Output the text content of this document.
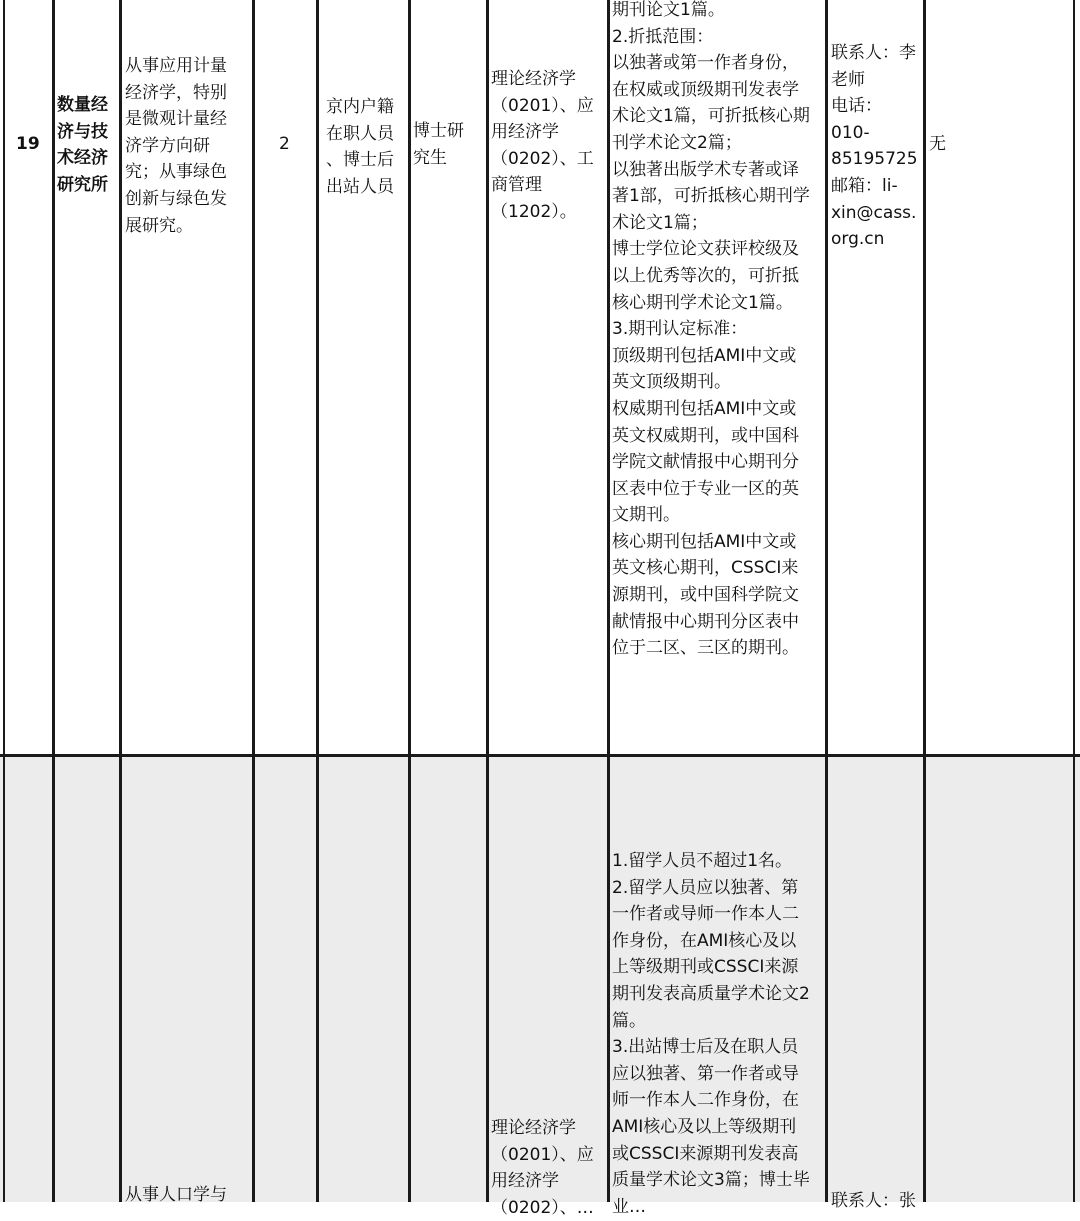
19
数量经
济与技
术经济
研究所
从事应用计量
经济学，特别
是微观计量经
济学方向研
究；从事绿色
创新与绿色发
展研究。
2
京内户籍
在职人员
、博士后
出站人员
博士研
究生
理论经济学
（0201）、应
用经济学
（0202）、工
商管理
（1202）。
期刊论文1篇。
2.折抵范围：
以独著或第一作者身份，
在权威或顶级期刊发表学
术论文1篇，可折抵核心期
刊学术论文2篇；
以独著出版学术专著或译
著1部，可折抵核心期刊学
术论文1篇；
博士学位论文获评校级及
以上优秀等次的，可折抵
核心期刊学术论文1篇。
3.期刊认定标准：
顶级期刊包括AMI中文或
英文顶级期刊。
权威期刊包括AMI中文或
英文权威期刊，或中国科
学院文献情报中心期刊分
区表中位于专业一区的英
文期刊。
核心期刊包括AMI中文或
英文核心期刊，CSSCI来
源期刊，或中国科学院文
献情报中心期刊分区表中
位于二区、三区的期刊。
联系人：李
老师
电话：
010-
85195725
邮箱：li-
xin@cass.
org.cn
无
从事人口学与
理论经济学
（0201）、应
用经济学
（0202）、…
1.留学人员不超过1名。
2.留学人员应以独著、第
一作者或导师一作本人二
作身份，在AMI核心及以
上等级期刊或CSSCI来源
期刊发表高质量学术论文2
篇。
3.出站博士后及在职人员
应以独著、第一作者或导
师一作本人二作身份，在
AMI核心及以上等级期刊
或CSSCI来源期刊发表高
质量学术论文3篇；博士毕
业…	联系人：张
